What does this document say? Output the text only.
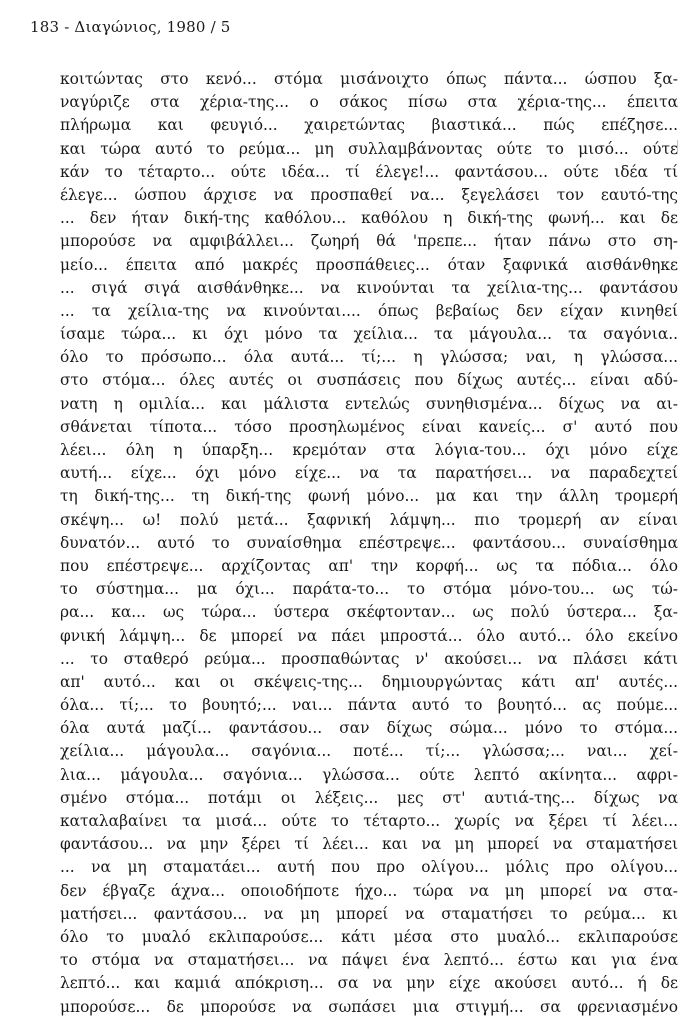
183 - Διαγώνιος, 1980 / 5
κοιτώντας στο κενό... στόμα μισάνοιχτο όπως πάντα... ώσπου ξα-
ναγύριζε στα χέρια-της... ο σάκος πίσω στα χέρια-της... έπειτα
πλήρωμα και φευγιό... χαιρετώντας βιαστικά... πώς επέζησε...
και τώρα αυτό το ρεύμα... μη συλλαμβάνοντας ούτε το μισό... ούτε
κάν το τέταρτο... ούτε ιδέα... τί έλεγε!... φαντάσου... ούτε ιδέα τί
έλεγε... ώσπου άρχισε να προσπαθεί να... ξεγελάσει τον εαυτό-της
... δεν ήταν δική-της καθόλου... καθόλου η δική-της φωνή... και δε
μπορούσε να αμφιβάλλει... ζωηρή θά 'πρεπε... ήταν πάνω στο ση-
μείο... έπειτα από μακρές προσπάθειες... όταν ξαφνικά αισθάνθηκε
... σιγά σιγά αισθάνθηκε... να κινούνται τα χείλια-της... φαντάσου
... τα χείλια-της να κινούνται.... όπως βεβαίως δεν είχαν κινηθεί
ίσαμε τώρα... κι όχι μόνο τα χείλια... τα μάγουλα... τα σαγόνια..
όλο το πρόσωπο... όλα αυτά... τί;... η γλώσσα; ναι, η γλώσσα...
στο στόμα... όλες αυτές οι συσπάσεις που δίχως αυτές... είναι αδύ-
νατη η ομιλία... και μάλιστα εντελώς συνηθισμένα... δίχως να αι-
σθάνεται τίποτα... τόσο προσηλωμένος είναι κανείς... σ' αυτό που
λέει... όλη η ύπαρξη... κρεμόταν στα λόγια-του... όχι μόνο είχε
αυτή... είχε... όχι μόνο είχε... να τα παρατήσει... να παραδεχτεί
τη δική-της... τη δική-της φωνή μόνο... μα και την άλλη τρομερή
σκέψη... ω! πολύ μετά... ξαφνική λάμψη... πιο τρομερή αν είναι
δυνατόν... αυτό το συναίσθημα επέστρεψε... φαντάσου... συναίσθημα
που επέστρεψε... αρχίζοντας απ' την κορφή... ως τα πόδια... όλο
το σύστημα... μα όχι... παράτα-το... το στόμα μόνο-του... ως τώ-
ρα... κα... ως τώρα... ύστερα σκέφτονταν... ως πολύ ύστερα... ξα-
φνική λάμψη... δε μπορεί να πάει μπροστά... όλο αυτό... όλο εκείνο
... το σταθερό ρεύμα... προσπαθώντας ν' ακούσει... να πλάσει κάτι
απ' αυτό... και οι σκέψεις-της... δημιουργώντας κάτι απ' αυτές...
όλα... τί;... το βουητό;... ναι... πάντα αυτό το βουητό... ας πούμε...
όλα αυτά μαζί... φαντάσου... σαν δίχως σώμα... μόνο το στόμα...
χείλια... μάγουλα... σαγόνια... ποτέ... τί;... γλώσσα;... ναι... χεί-
λια... μάγουλα... σαγόνια... γλώσσα... ούτε λεπτό ακίνητα... αφρι-
σμένο στόμα... ποτάμι οι λέξεις... μες στ' αυτιά-της... δίχως να
καταλαβαίνει τα μισά... ούτε το τέταρτο... χωρίς να ξέρει τί λέει...
φαντάσου... να μην ξέρει τί λέει... και να μη μπορεί να σταματήσει
... να μη σταματάει... αυτή που προ ολίγου... μόλις προ ολίγου...
δεν έβγαζε άχνα... οποιοδήποτε ήχο... τώρα να μη μπορεί να στα-
ματήσει... φαντάσου... να μη μπορεί να σταματήσει το ρεύμα... κι
όλο το μυαλό εκλιπαρούσε... κάτι μέσα στο μυαλό... εκλιπαρούσε
το στόμα να σταματήσει... να πάψει ένα λεπτό... έστω και για ένα
λεπτό... και καμιά απόκριση... σα να μην είχε ακούσει αυτό... ή δε
μπορούσε... δε μπορούσε να σωπάσει μια στιγμή... σα φρενιασμένο
